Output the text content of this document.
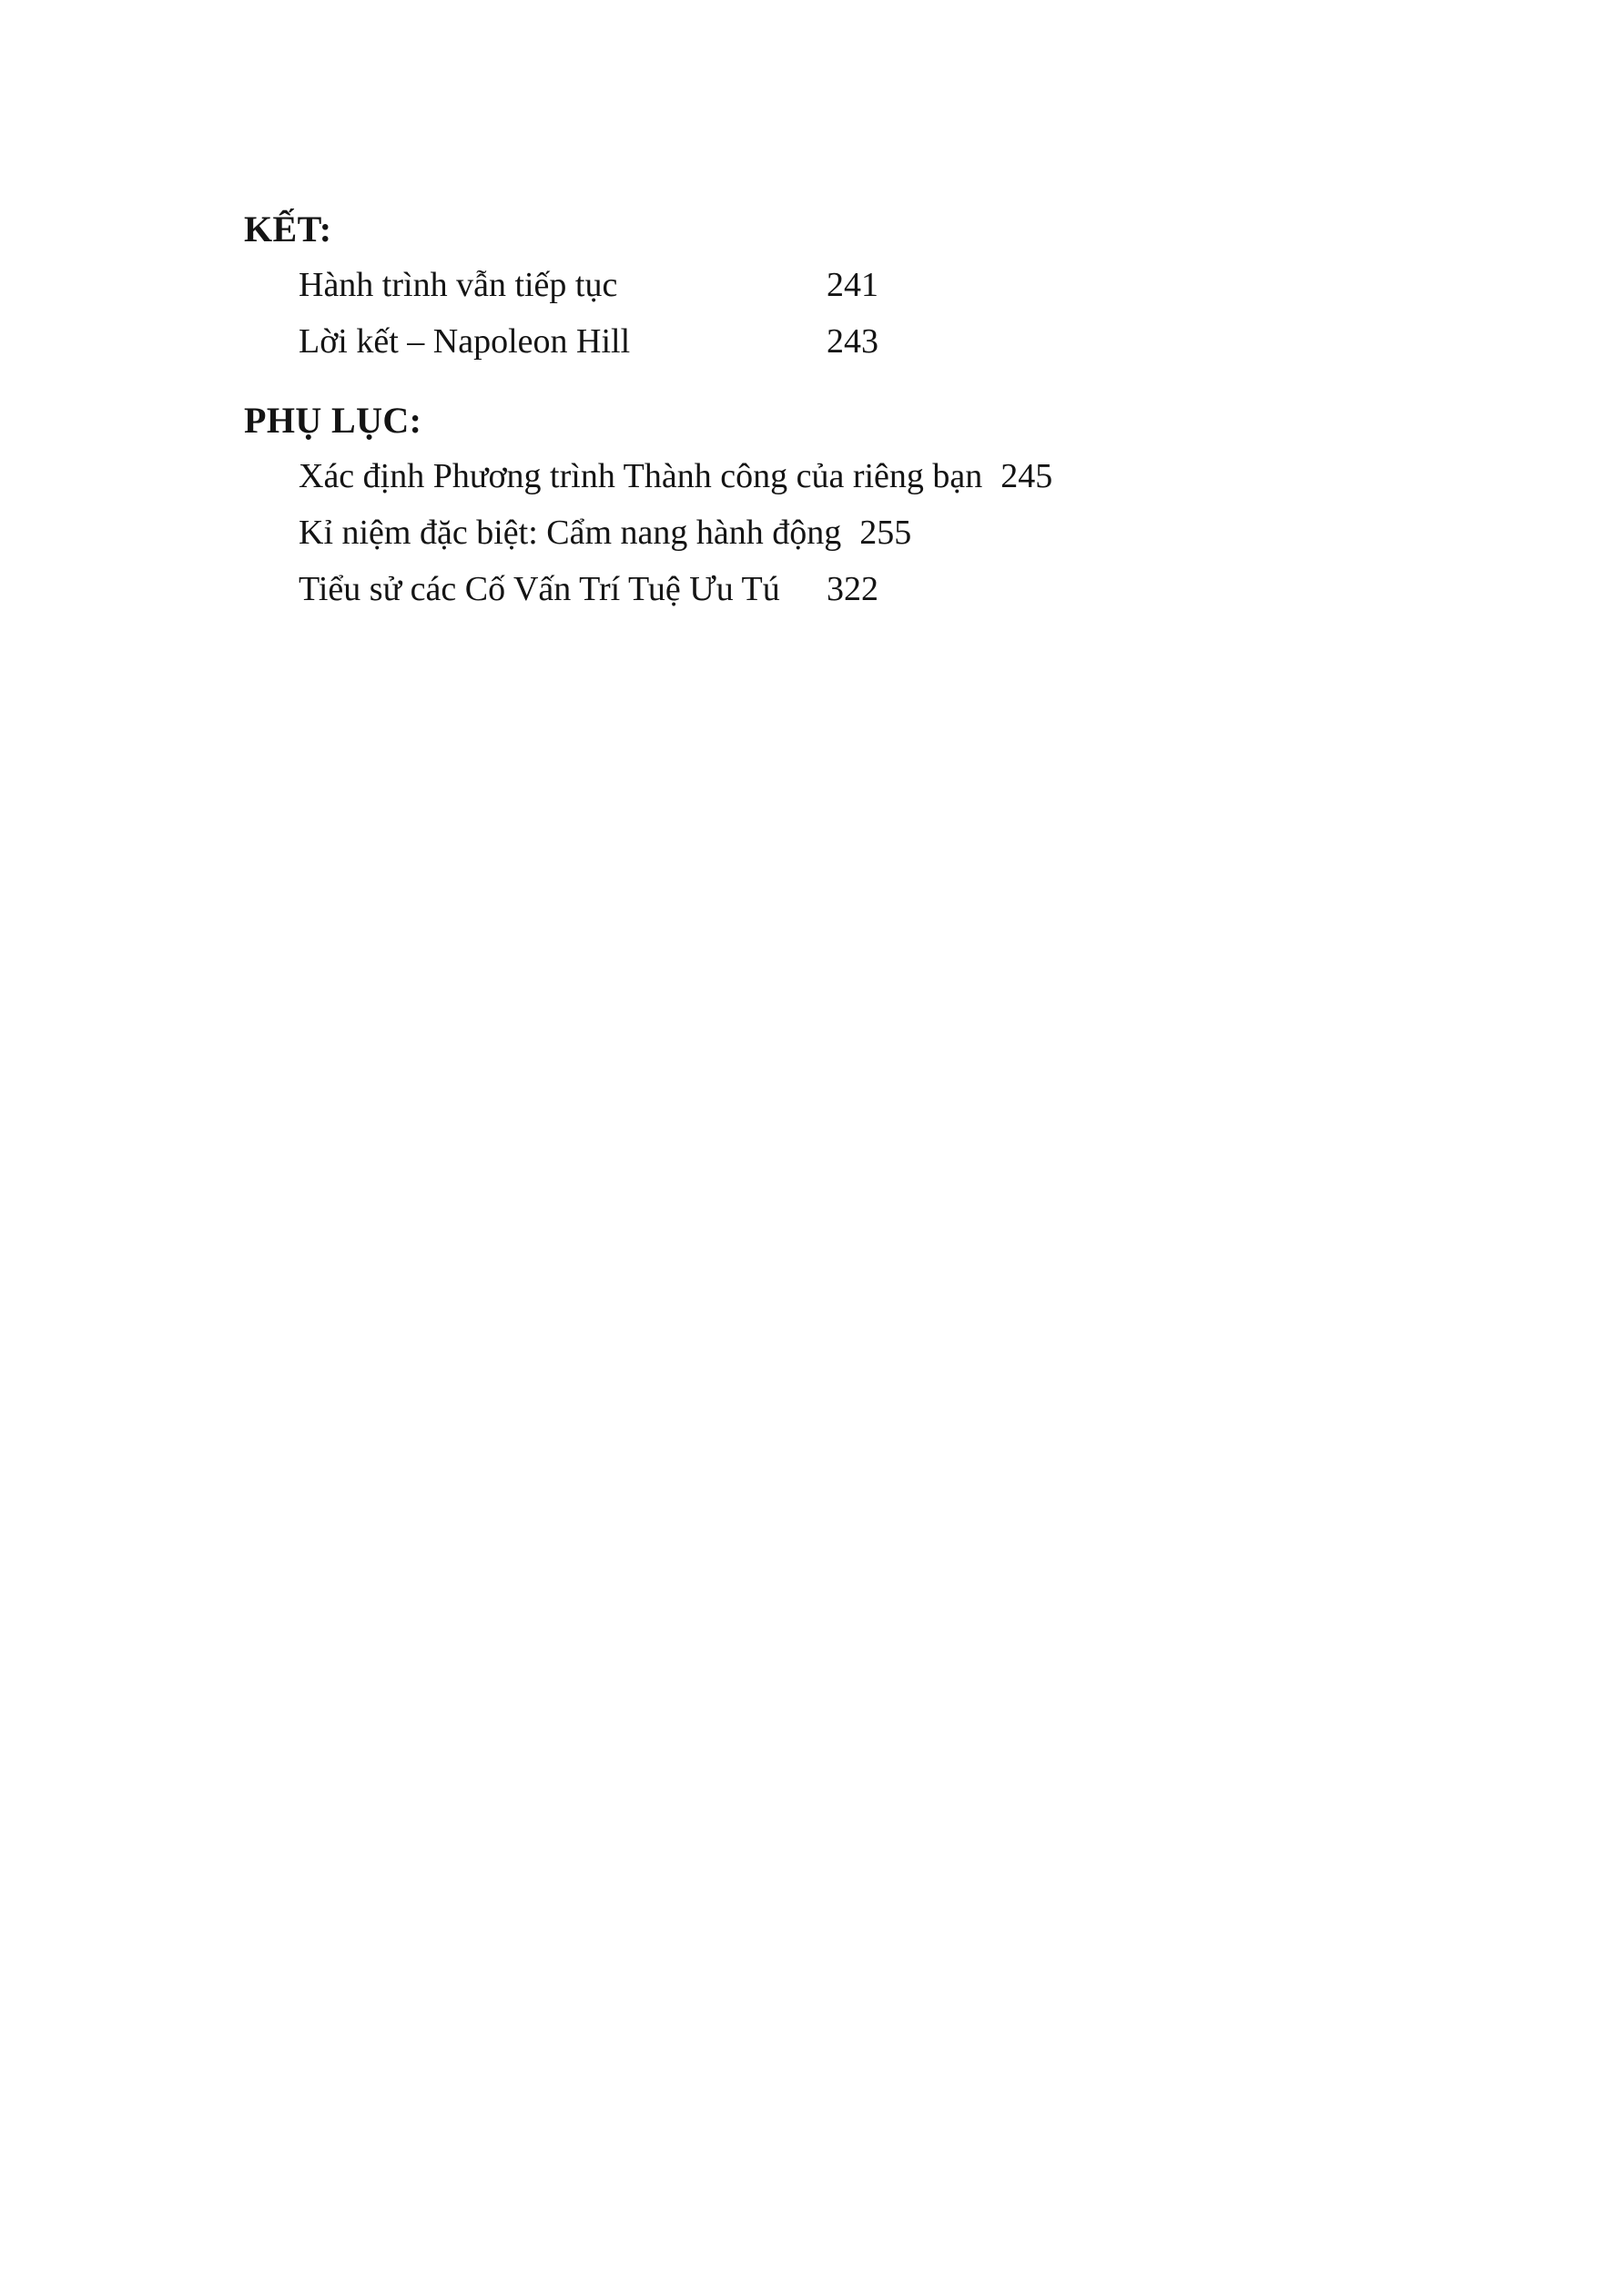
KẾT:
Hành trình vẫn tiếp tục	241
Lời kết – Napoleon Hill	243
PHỤ LỤC:
Xác định Phương trình Thành công của riêng bạn 245
Kỉ niệm đặc biệt: Cẩm nang hành động 255
Tiểu sử các Cố Vấn Trí Tuệ Ưu Tú	322
